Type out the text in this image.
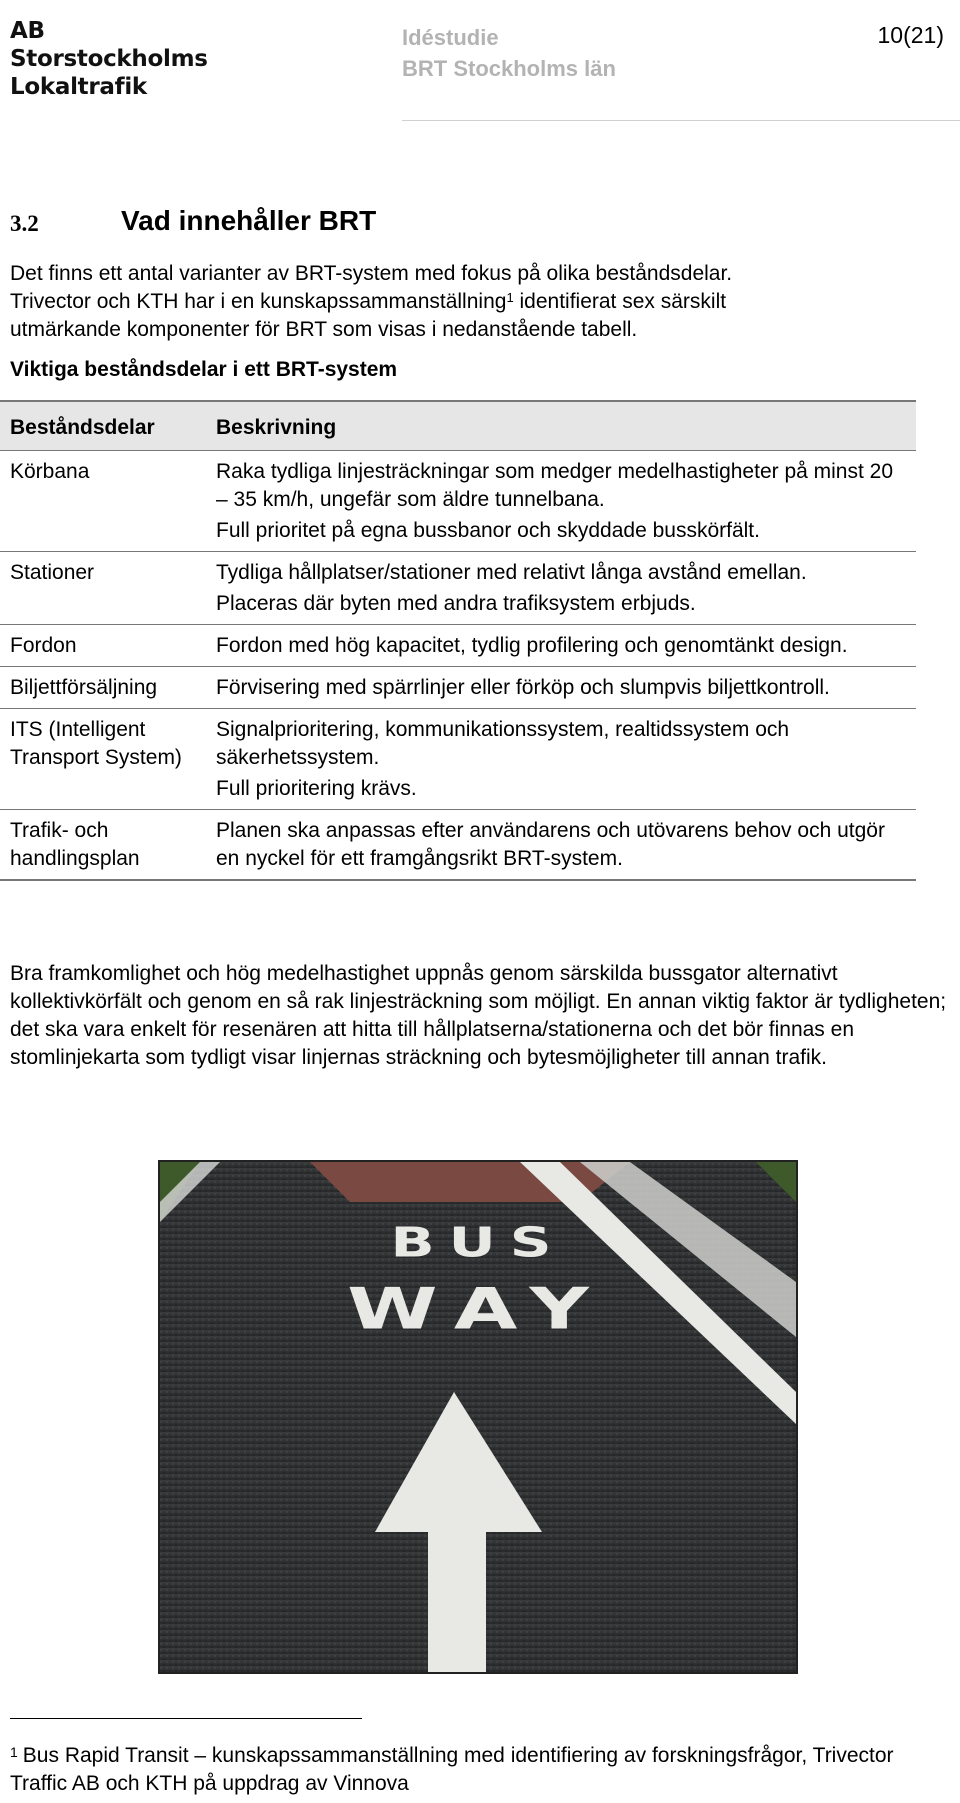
AB
Storstockholms
Lokaltrafik
Idéstudie
BRT Stockholms län
10(21)
3.2	Vad innehåller BRT
Det finns ett antal varianter av BRT-system med fokus på olika beståndsdelar.
Trivector och KTH har i en kunskapssammanställning$^1$ identifierat sex särskilt
utmärkande komponenter för BRT som visas i nedanstående tabell.
Viktiga beståndsdelar i ett BRT-system
Beståndsdelar	Beskrivning
Körbana	Raka tydliga linjesträckningar som medger medelhastigheter på minst 20 – 35 km/h, ungefär som äldre tunnelbana.

Full prioritet på egna bussbanor och skyddade busskörfält.

Stationer	Tydliga hållplatser/stationer med relativt långa avstånd emellan.

Placeras där byten med andra trafiksystem erbjuds.

Fordon	Fordon med hög kapacitet, tydlig profilering och genomtänkt design.

Biljettförsäljning	Förvisering med spärrlinjer eller förköp och slumpvis biljettkontroll.

ITS (Intelligent Transport System)	Signalprioritering, kommunikationssystem, realtidssystem och säkerhetssystem.

Full prioritering krävs.

Trafik- och handlingsplan	Planen ska anpassas efter användarens och utövarens behov och utgör en nyckel för ett framgångsrikt BRT-system.

Bra framkomlighet och hög medelhastighet uppnås genom särskilda bussgator alternativt kollektivkörfält och genom en så rak linjesträckning som möjligt. En annan viktig faktor är tydligheten; det ska vara enkelt för resenären att hitta till hållplatserna/stationerna och det bör finnas en stomlinjekarta som tydligt visar linjernas sträckning och bytesmöjligheter till annan trafik.
BUS
WAY
$^1$ Bus Rapid Transit – kunskapssammanställning med identifiering av forskningsfrågor, Trivector Traffic AB och KTH på uppdrag av Vinnova
